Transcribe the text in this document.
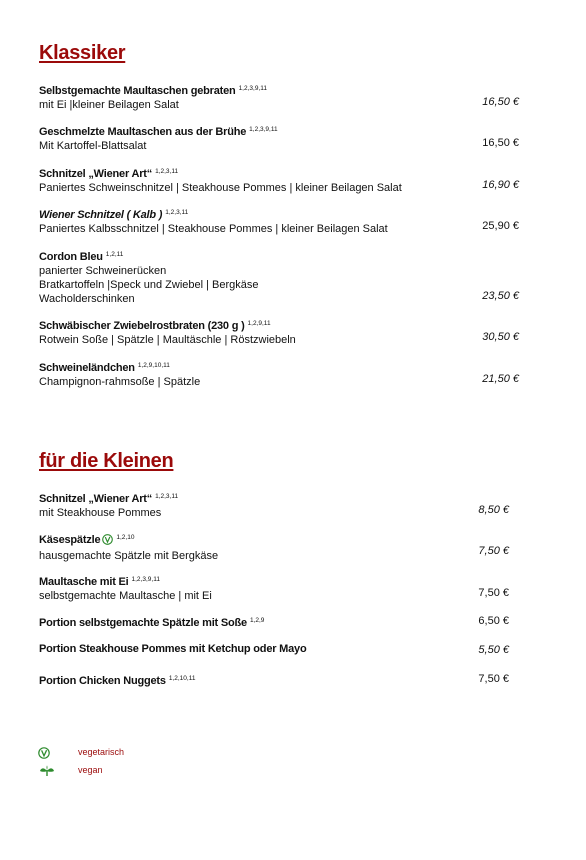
Klassiker
Selbstgemachte Maultaschen gebraten $^{1,2,3,9,11}$
mit Ei |kleiner Beilagen Salat	16,50 €
Geschmelzte Maultaschen aus der Brühe $^{1,2,3,9,11}$
Mit Kartoffel-Blattsalat	16,50 €
Schnitzel „Wiener Art“ $^{1,2,3,11}$
Paniertes Schweinschnitzel | Steakhouse Pommes | kleiner Beilagen Salat	16,90 €
Wiener Schnitzel ( Kalb ) $^{1,2,3,11}$
Paniertes Kalbsschnitzel | Steakhouse Pommes | kleiner Beilagen Salat	25,90 €
Cordon Bleu $^{1,2,11}$
panierter Schweinerücken
Bratkartoffeln |Speck und Zwiebel | Bergkäse
Wacholderschinken	23,50 €
Schwäbischer Zwiebelrostbraten (230 g ) $^{1,2,9,11}$
Rotwein Soße | Spätzle | Maultäschle | Röstzwiebeln	30,50 €
Schweineländchen $^{1,2,9,10,11}$
Champignon-rahmsoße | Spätzle	21,50 €
für die Kleinen
Schnitzel „Wiener Art“ $^{1,2,3,11}$
mit Steakhouse Pommes	8,50 €
Käsespätzle $^{1,2,10}$
hausgemachte Spätzle mit Bergkäse	7,50 €
Maultasche mit Ei $^{1,2,3,9,11}$
selbstgemachte Maultasche | mit Ei	7,50 €
Portion selbstgemachte Spätzle mit Soße $^{1,2,9}$	6,50 €
Portion Steakhouse Pommes mit Ketchup oder Mayo	5,50 €
Portion Chicken Nuggets $^{1,2,10,11}$	7,50 €
vegetarisch
vegan
